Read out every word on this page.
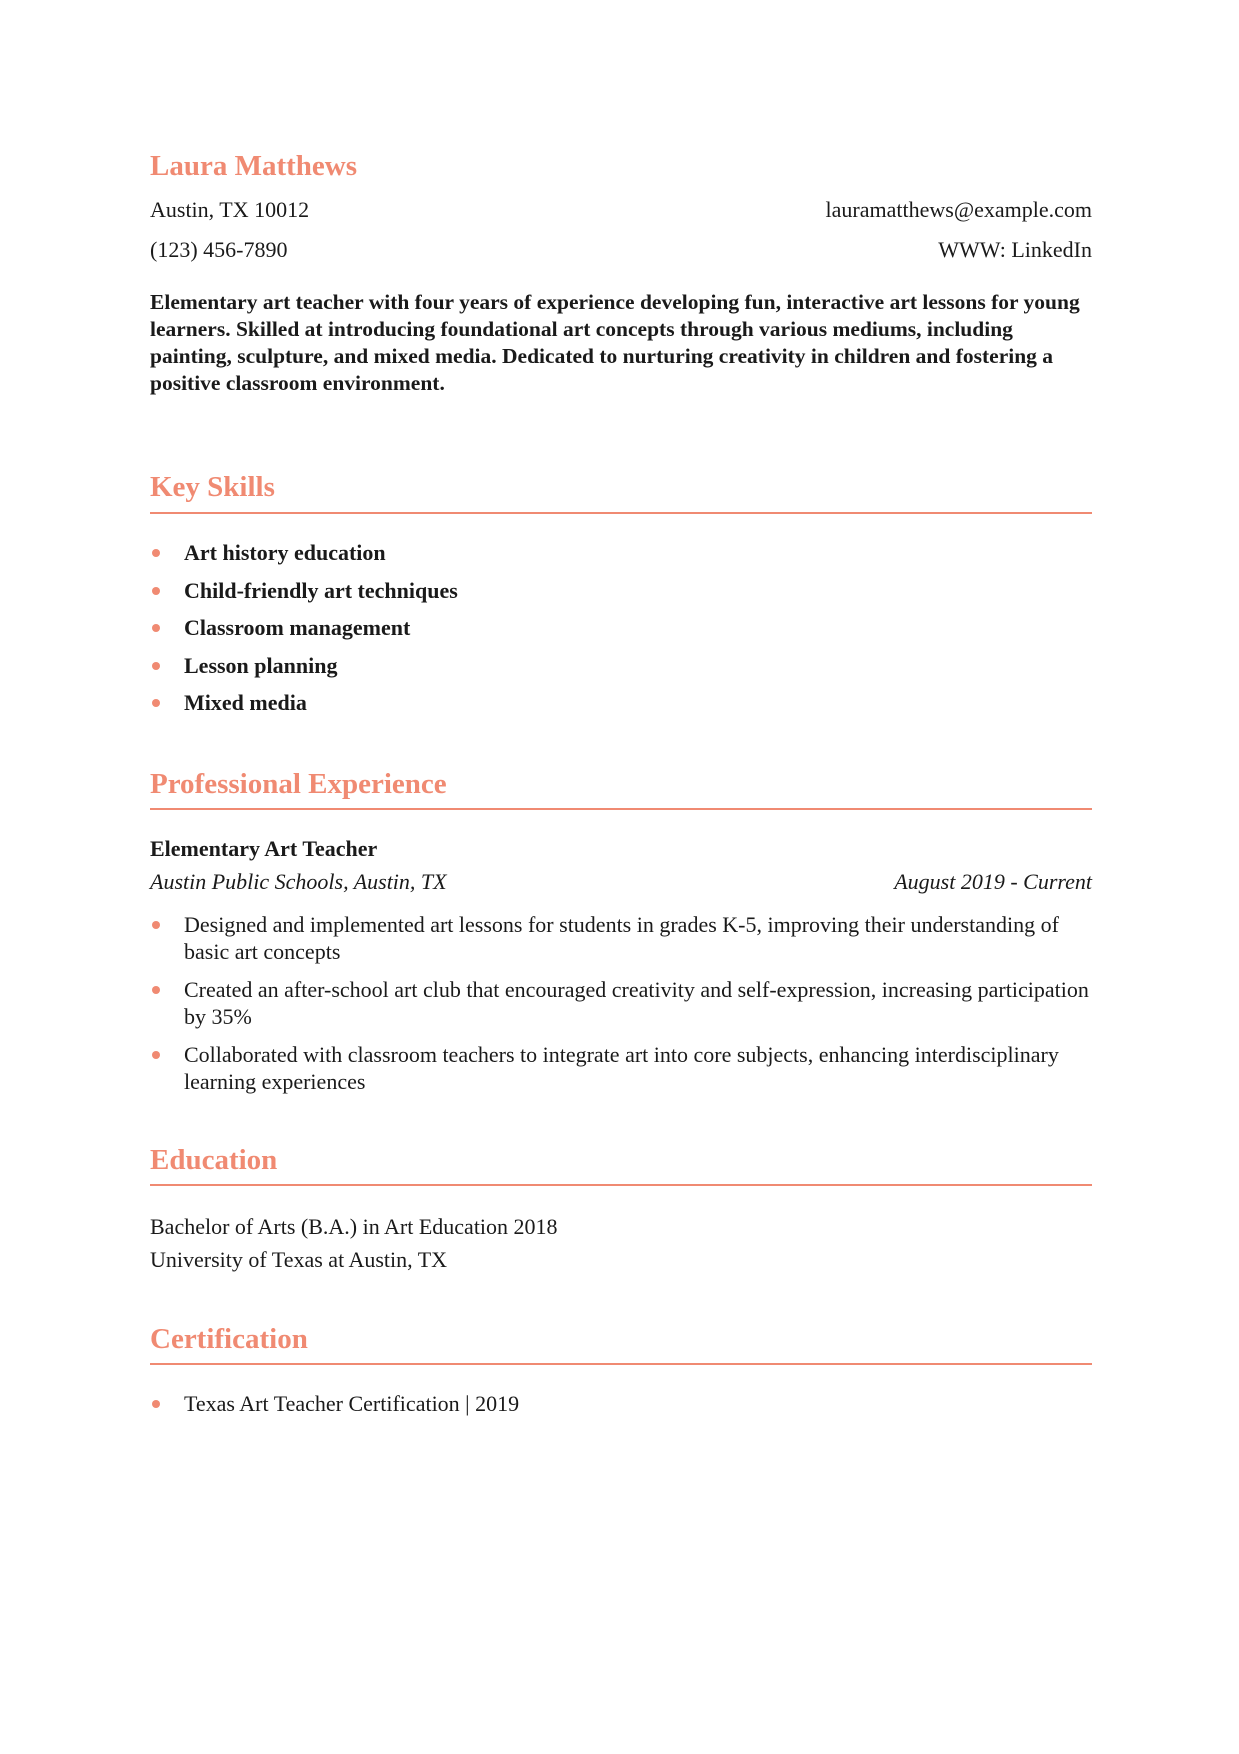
Laura Matthews
Austin, TX 10012	lauramatthews@example.com
(123) 456-7890	WWW: LinkedIn

Elementary art teacher with four years of experience developing fun, interactive art lessons for young learners. Skilled at introducing foundational art concepts through various mediums, including painting, sculpture, and mixed media. Dedicated to nurturing creativity in children and fostering a positive classroom environment.

Key Skills
Art history education
Child-friendly art techniques
Classroom management
Lesson planning
Mixed media
Professional Experience
Elementary Art Teacher
Austin Public Schools, Austin, TX	August 2019 - Current
Designed and implemented art lessons for students in grades K-5, improving their understanding of basic art concepts
Created an after-school art club that encouraged creativity and self-expression, increasing participation by 35%
Collaborated with classroom teachers to integrate art into core subjects, enhancing interdisciplinary learning experiences
Education
Bachelor of Arts (B.A.) in Art Education 2018
University of Texas at Austin, TX
Certification
Texas Art Teacher Certification | 2019
